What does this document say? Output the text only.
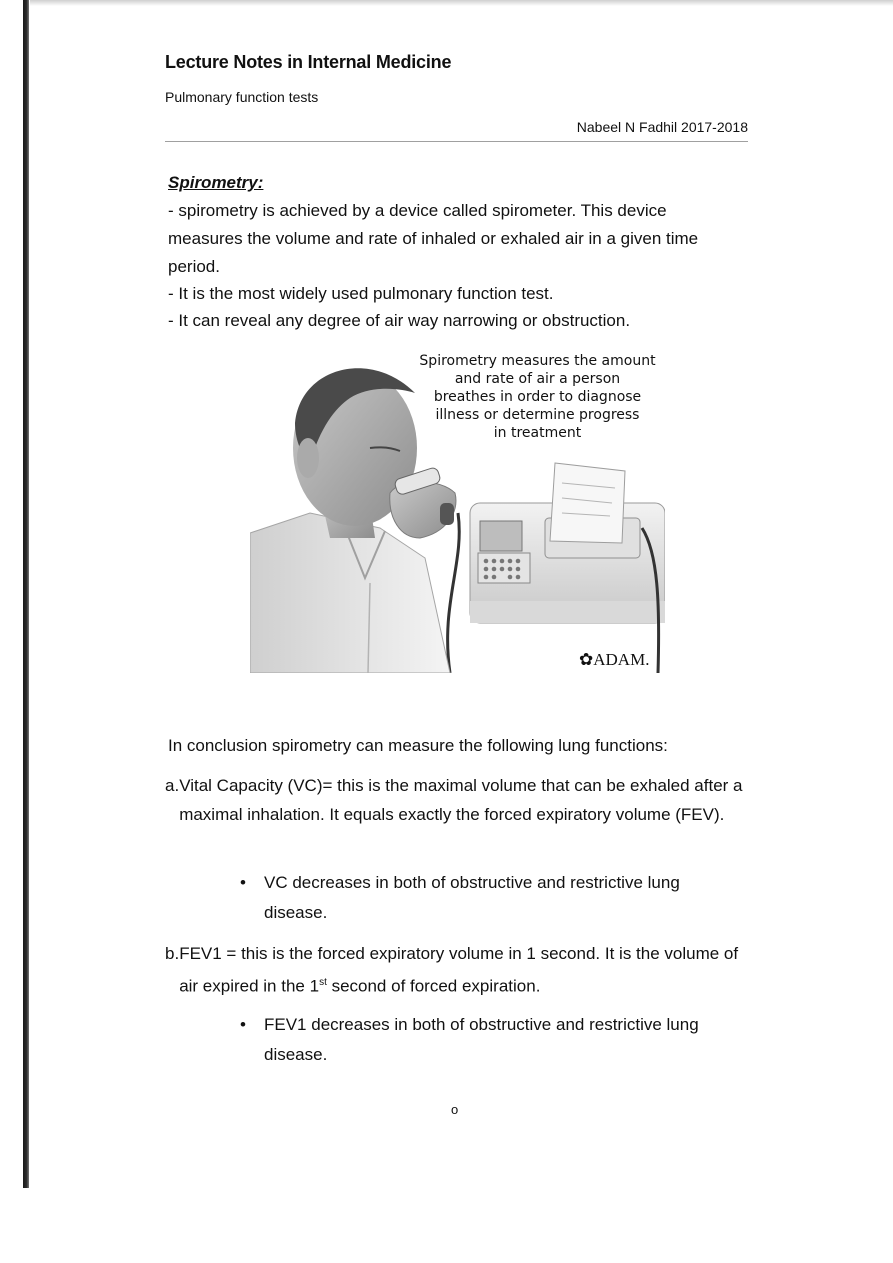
Lecture Notes in Internal Medicine
Pulmonary function tests
Nabeel N Fadhil 2017-2018
Spirometry:
- spirometry is achieved by a device called spirometer. This device measures the volume and rate of inhaled or exhaled air in a given time period.
- It is the most widely used pulmonary function test.
- It can reveal any degree of air way narrowing or obstruction.
Spirometry measures the amount
and rate of air a person
breathes in order to diagnose
illness or determine progress
in treatment
✿ADAM.
In conclusion spirometry can measure the following lung functions:
a. Vital Capacity (VC)= this is the maximal volume that can be exhaled after a maximal inhalation. It equals exactly the forced expiratory volume (FEV).
•	VC decreases in both of obstructive and restrictive lung disease.
b. FEV1 = this is the forced expiratory volume in 1 second. It is the volume of air expired in the 1st second of forced expiration.
•	FEV1 decreases in both of obstructive and restrictive lung disease.
o
